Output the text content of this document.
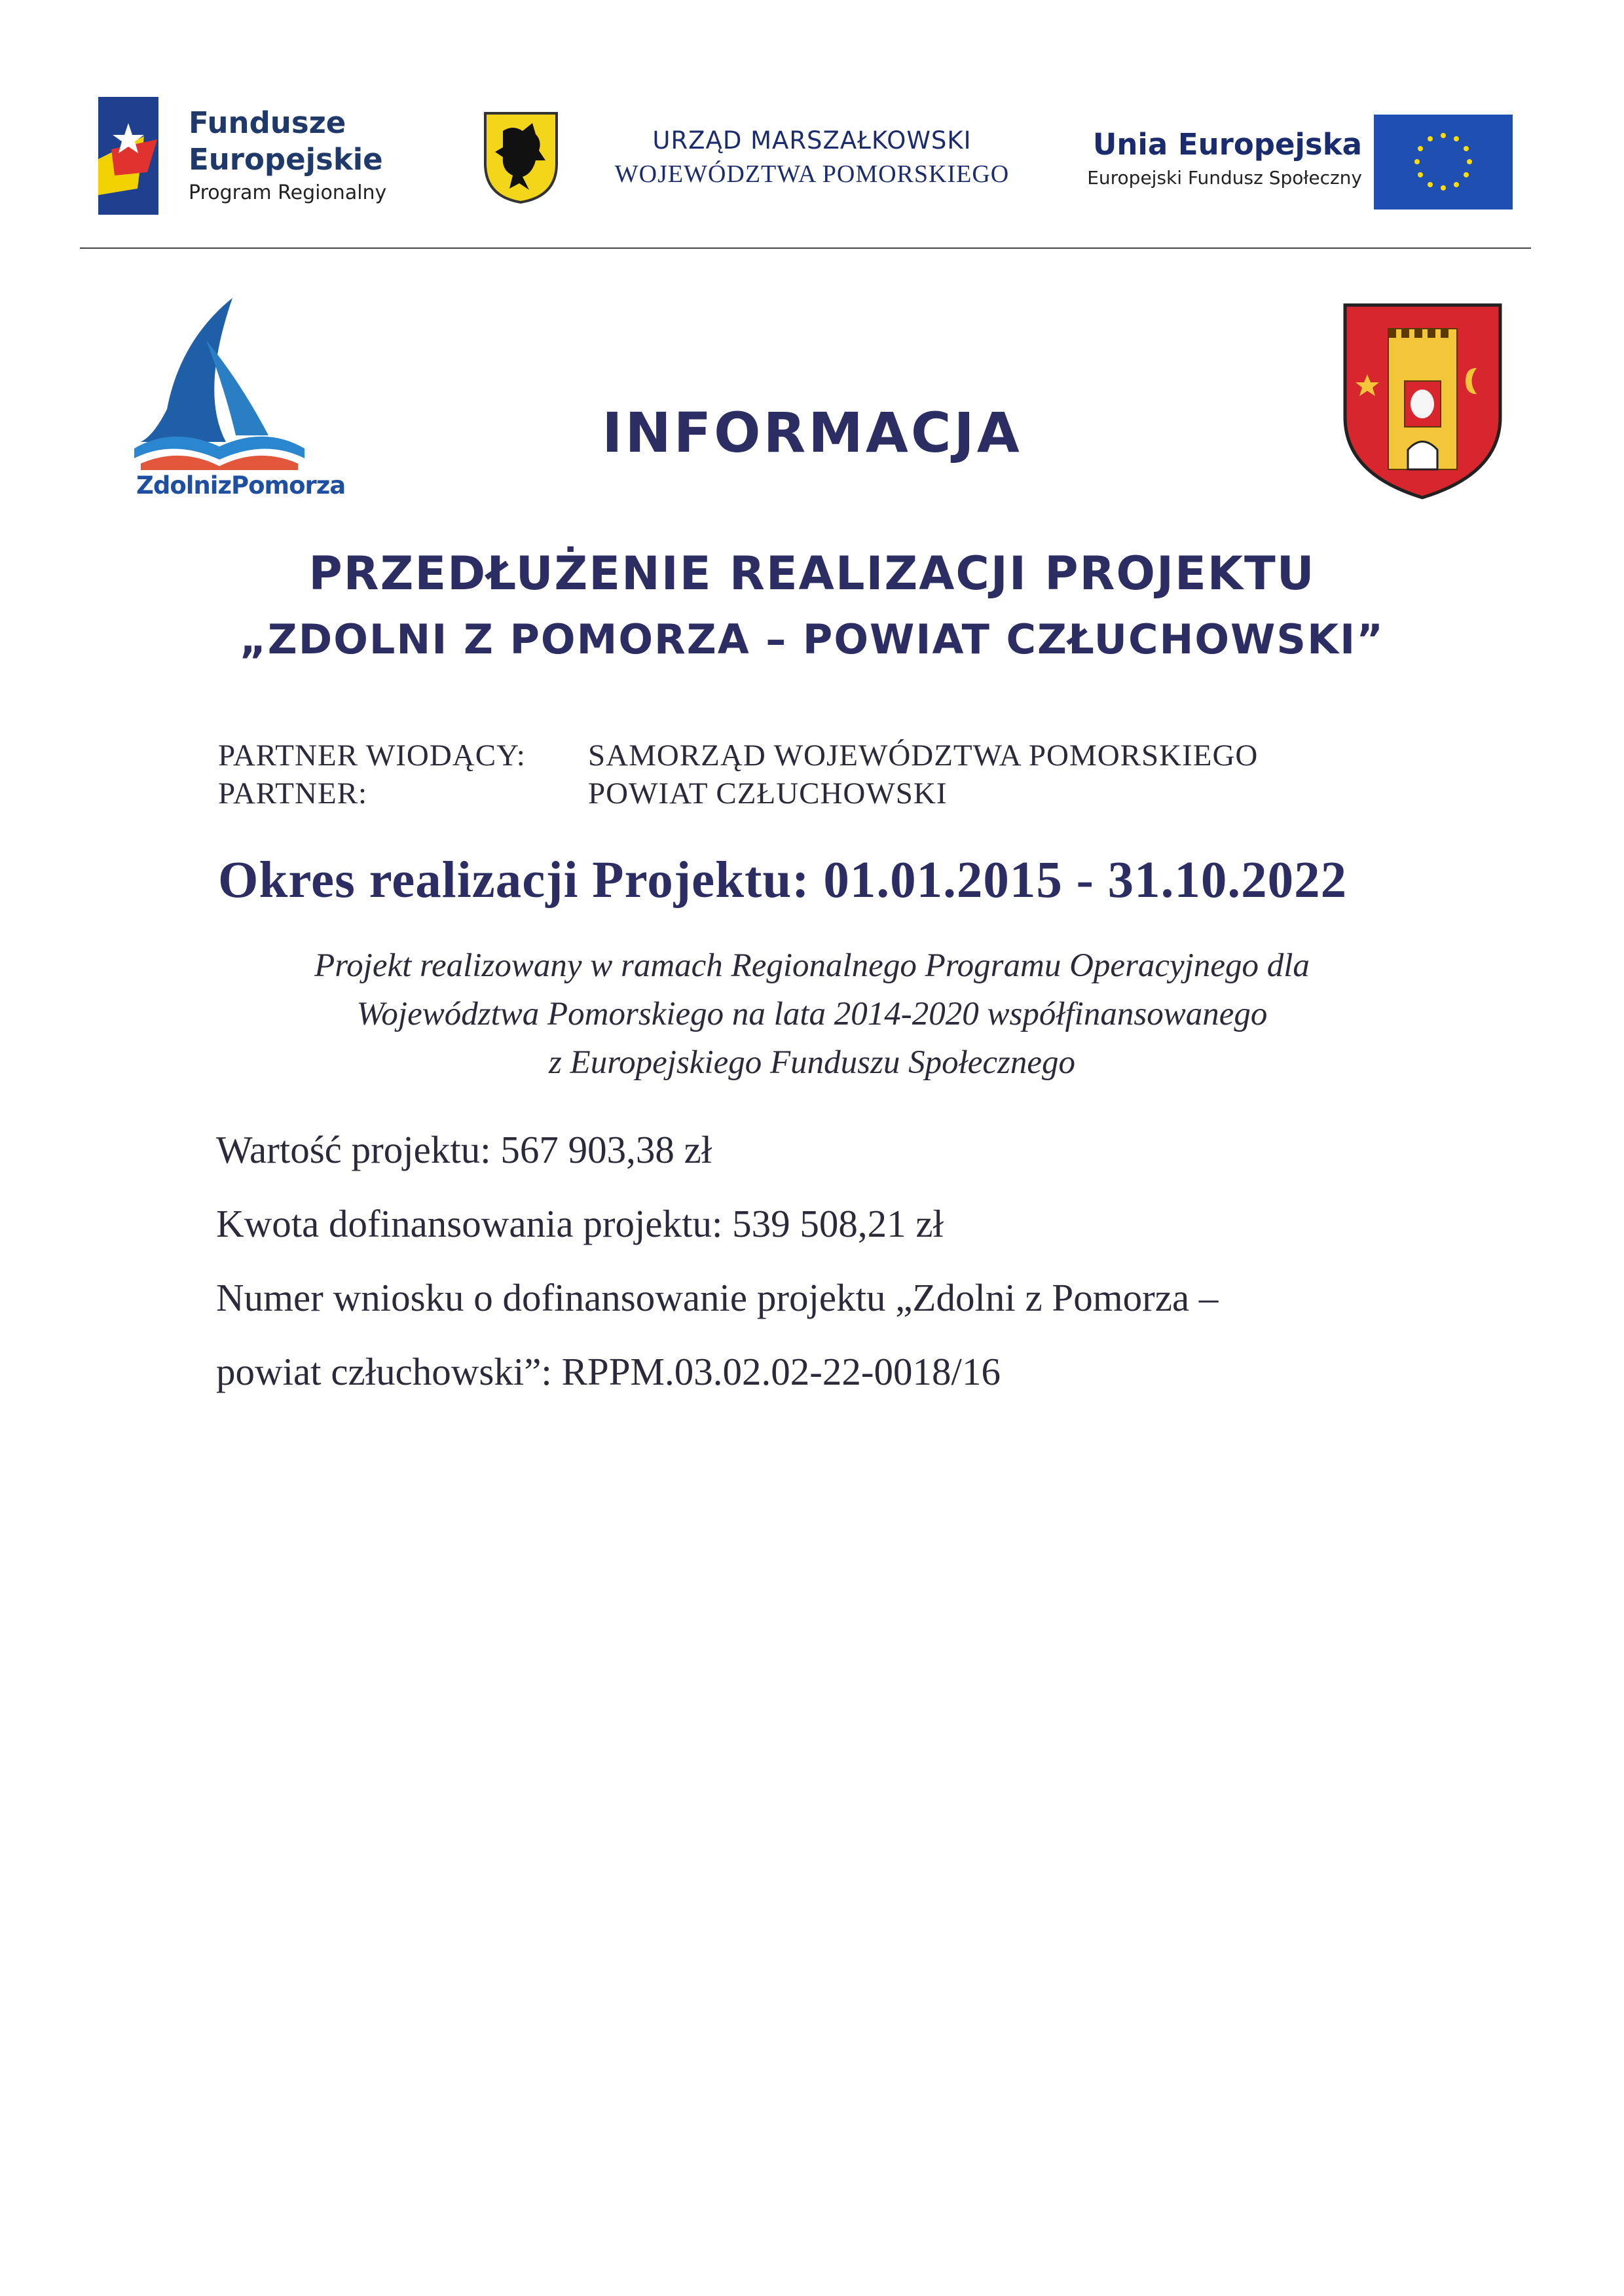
Fundusze
Europejskie
Program Regionalny
URZĄD MARSZAŁKOWSKI
WOJEWÓDZTWA POMORSKIEGO
Unia Europejska
Europejski Fundusz Społeczny
ZdolnizPomorza
INFORMACJA
PRZEDŁUŻENIE REALIZACJI PROJEKTU
„ZDOLNI Z POMORZA – POWIAT CZŁUCHOWSKI”
PARTNER WIODĄCY:	SAMORZĄD WOJEWÓDZTWA POMORSKIEGO
PARTNER:	POWIAT CZŁUCHOWSKI
Okres realizacji Projektu: 01.01.2015 - 31.10.2022
Projekt realizowany w ramach Regionalnego Programu Operacyjnego dla
Województwa Pomorskiego na lata 2014-2020 współfinansowanego
z Europejskiego Funduszu Społecznego
Wartość projektu: 567 903,38 zł
Kwota dofinansowania projektu: 539 508,21 zł
Numer wniosku o dofinansowanie projektu „Zdolni z Pomorza –
powiat człuchowski”: RPPM.03.02.02-22-0018/16
